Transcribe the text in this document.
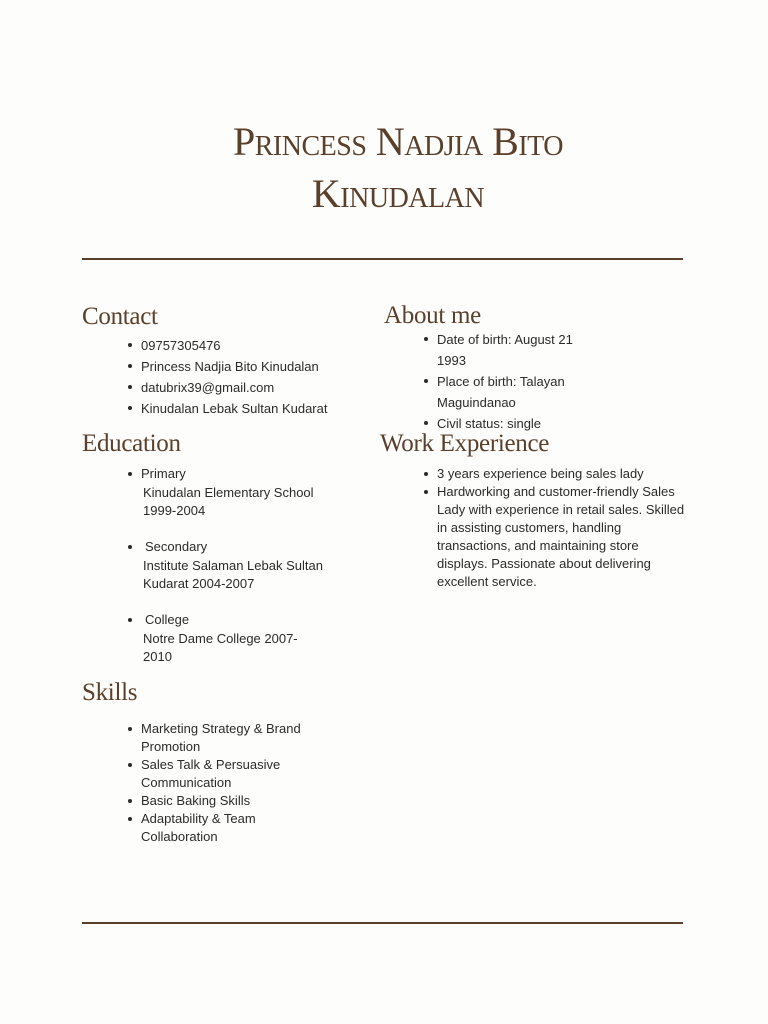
Princess Nadjia Bito
Kinudalan
Contact
09757305476
Princess Nadjia Bito Kinudalan
datubrix39@gmail.com
Kinudalan Lebak Sultan Kudarat
About me
Date of birth: August 21 1993
Place of birth: Talayan Maguindanao
Civil status: single
Education
Primary
Kinudalan Elementary School 1999-2004
Secondary
Institute Salaman Lebak Sultan Kudarat 2004-2007
College
Notre Dame College 2007-2010
Work Experience
3 years experience being sales lady
Hardworking and customer-friendly Sales Lady with experience in retail sales. Skilled in assisting customers, handling transactions, and maintaining store displays. Passionate about delivering excellent service.
Skills
Marketing Strategy & Brand Promotion
Sales Talk & Persuasive Communication
Basic Baking Skills
Adaptability & Team Collaboration
